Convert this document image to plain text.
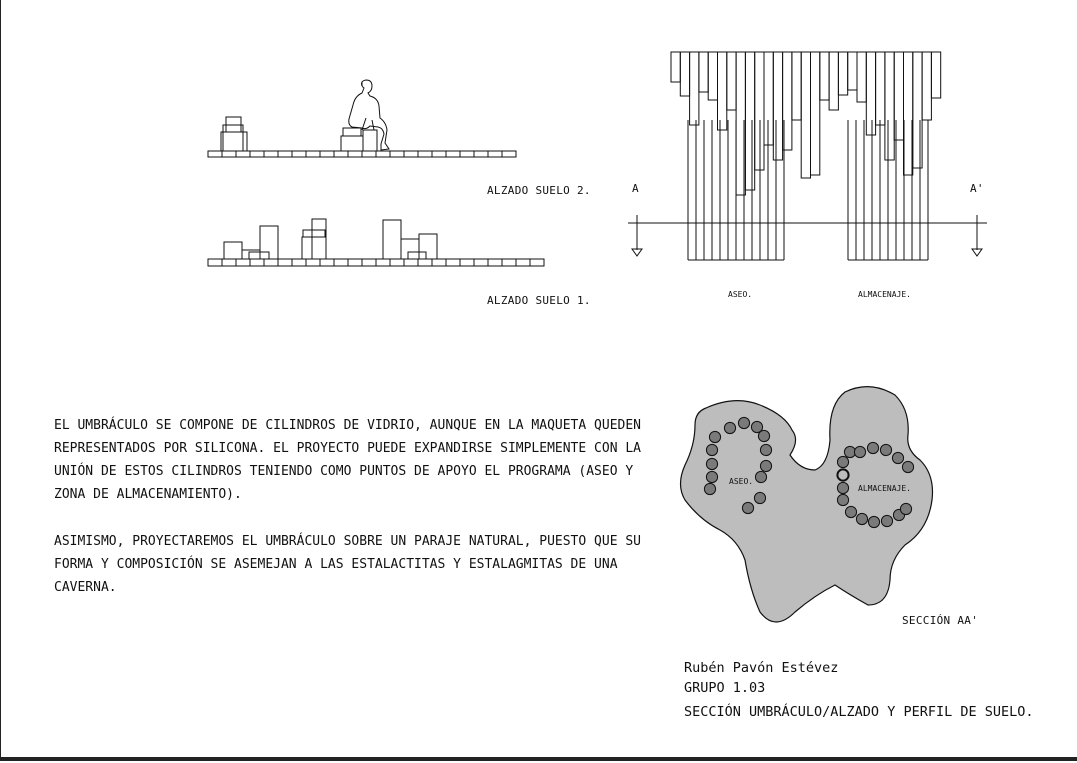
ALZADO SUELO 2.
ALZADO SUELO 1.
A	A'
ASEO.	ALMACENAJE.
EL UMBRÁCULO SE COMPONE DE CILINDROS DE VIDRIO, AUNQUE EN LA MAQUETA QUEDEN REPRESENTADOS POR SILICONA. EL PROYECTO PUEDE EXPANDIRSE SIMPLEMENTE CON LA UNIÓN DE ESTOS CILINDROS TENIENDO COMO PUNTOS DE APOYO EL PROGRAMA (ASEO Y ZONA DE ALMACENAMIENTO).
ASIMISMO, PROYECTAREMOS EL UMBRÁCULO SOBRE UN PARAJE NATURAL, PUESTO QUE SU FORMA Y COMPOSICIÓN SE ASEMEJAN A LAS ESTALACTITAS Y ESTALAGMITAS DE UNA CAVERNA.
ASEO.
ALMACENAJE.
SECCIÓN AA'
Rubén Pavón Estévez
GRUPO 1.03
SECCIÓN UMBRÁCULO/ALZADO Y PERFIL DE SUELO.
